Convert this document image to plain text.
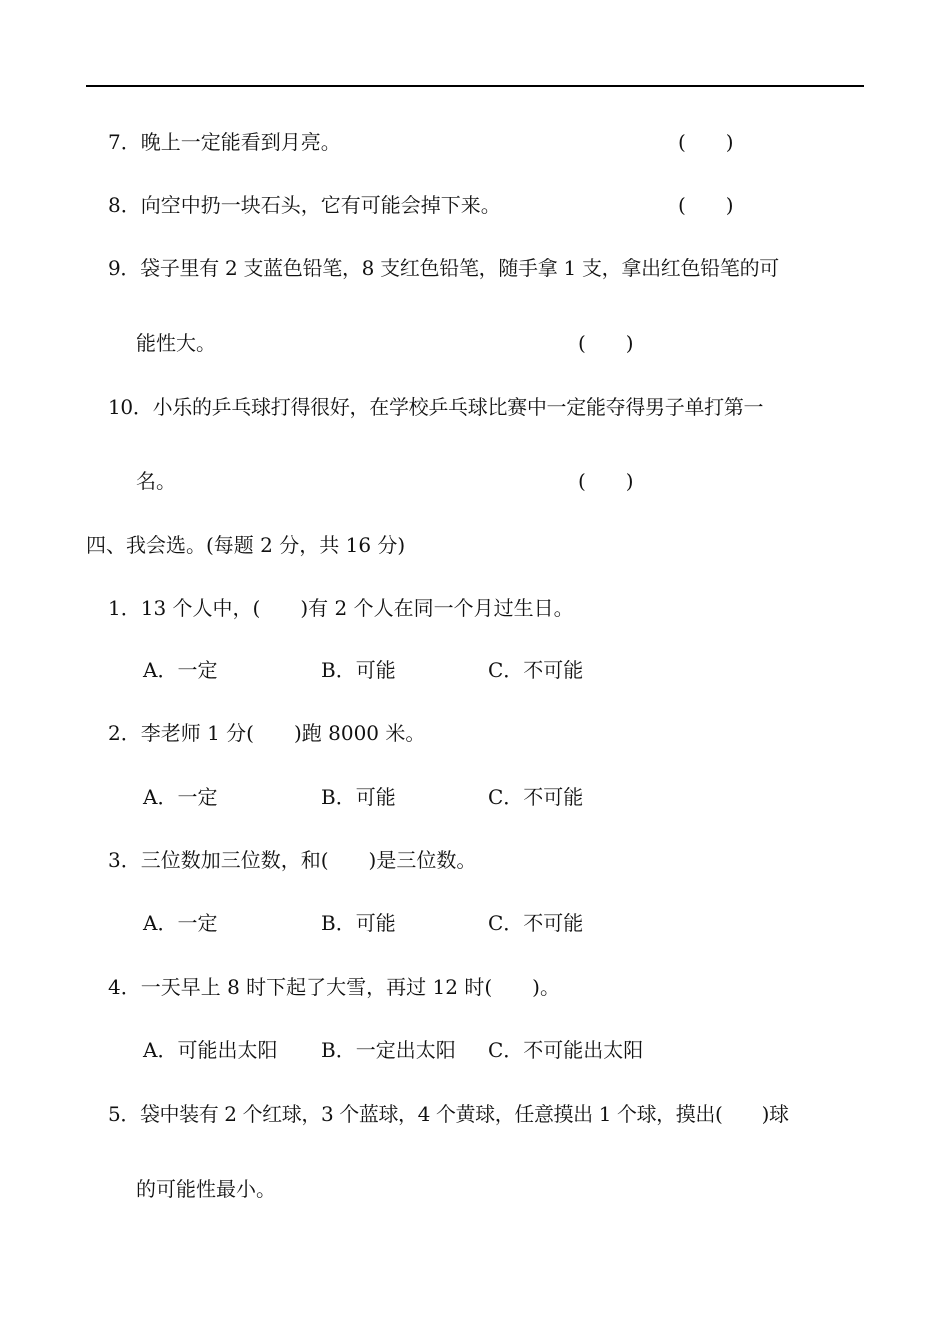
7．晚上一定能看到月亮。	(　　)
8．向空中扔一块石头，它有可能会掉下来。	(　　)
9．袋子里有 2 支蓝色铅笔，8 支红色铅笔，随手拿 1 支，拿出红色铅笔的可
能性大。	(　　)
10．小乐的乒乓球打得很好，在学校乒乓球比赛中一定能夺得男子单打第一
名。	(　　)
四、我会选。(每题 2 分，共 16 分)
1．13 个人中，(　　)有 2 个人在同一个月过生日。
A．一定	B．可能	C．不可能
2．李老师 1 分(　　)跑 8000 米。
A．一定	B．可能	C．不可能
3．三位数加三位数，和(　　)是三位数。
A．一定	B．可能	C．不可能
4．一天早上 8 时下起了大雪，再过 12 时(　　)。
A．可能出太阳 B．一定出太阳 C．不可能出太阳
5．袋中装有 2 个红球，3 个蓝球，4 个黄球，任意摸出 1 个球，摸出(　　)球
的可能性最小。
